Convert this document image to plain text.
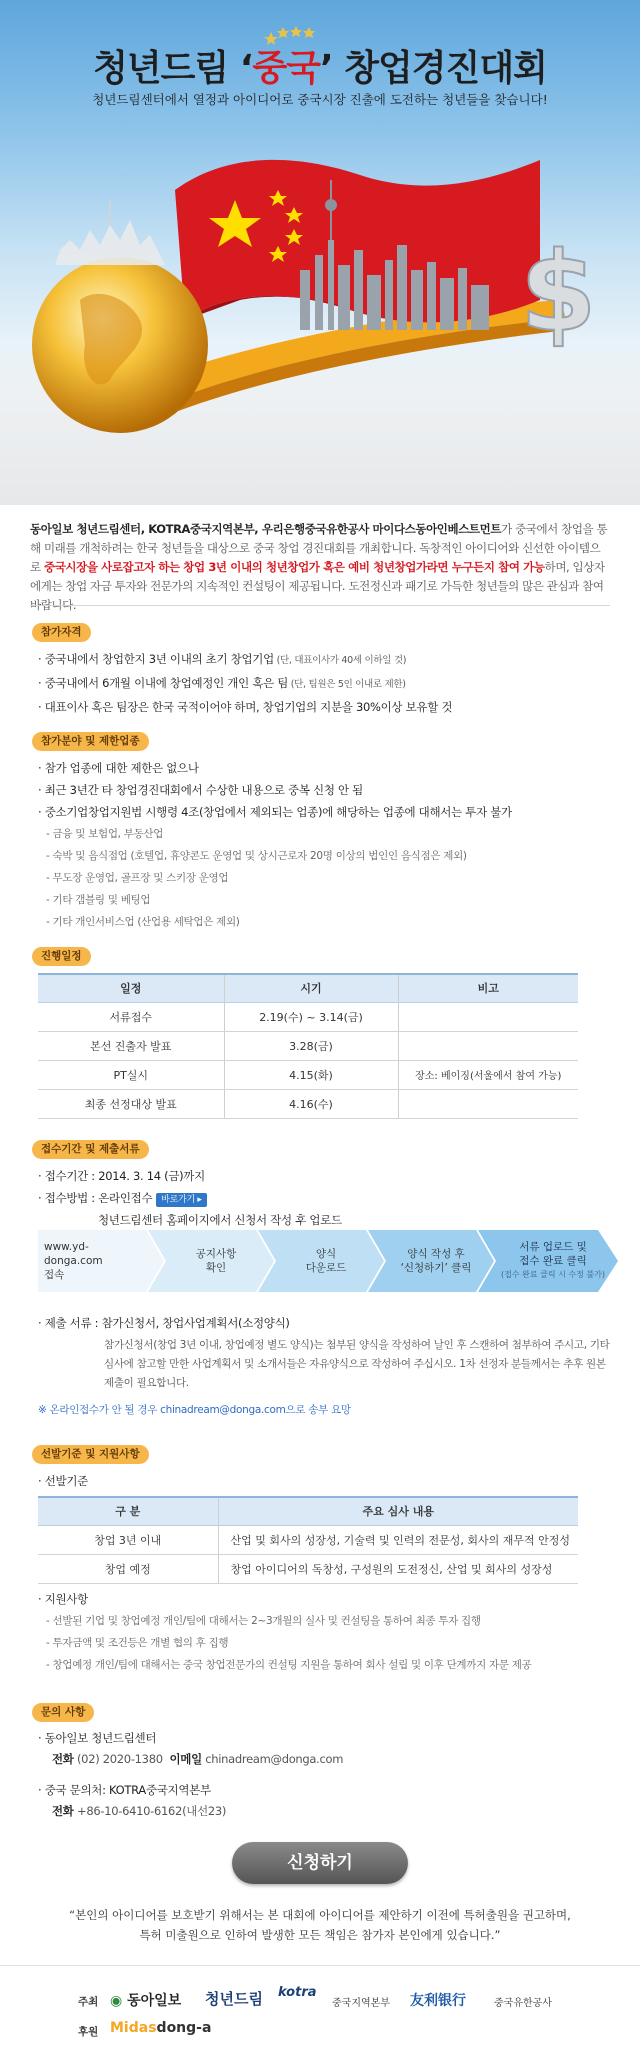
$
청년드림 ‘중국’ 창업경진대회
청년드림센터에서 열정과 아이디어로 중국시장 진출에 도전하는 청년들을 찾습니다!
동아일보 청년드림센터, KOTRA중국지역본부, 우리은행중국유한공사 마이다스동아인베스트먼트가 중국에서 창업을 통해 미래를 개척하려는 한국 청년들을 대상으로 중국 창업 경진대회를 개최합니다. 독창적인 아이디어와 신선한 아이템으로 중국시장을 사로잡고자 하는 창업 3년 이내의 청년창업가 혹은 예비 청년창업가라면 누구든지 참여 가능하며, 입상자에게는 창업 자금 투자와 전문가의 지속적인 컨설팅이 제공됩니다. 도전정신과 패기로 가득한 청년들의 많은 관심과 참여 바랍니다.
참가자격
· 중국내에서 창업한지 3년 이내의 초기 창업기업 (단, 대표이사가 40세 이하일 것)
· 중국내에서 6개월 이내에 창업예정인 개인 혹은 팀 (단, 팀원은 5인 이내로 제한)
· 대표이사 혹은 팀장은 한국 국적이어야 하며, 창업기업의 지분을 30%이상 보유할 것
참가분야 및 제한업종
· 참가 업종에 대한 제한은 없으나
· 최근 3년간 타 창업경진대회에서 수상한 내용으로 중복 신청 안 됨
· 중소기업창업지원법 시행령 4조(창업에서 제외되는 업종)에 해당하는 업종에 대해서는 투자 불가
- 금융 및 보험업, 부동산업
- 숙박 및 음식점업 (호텔업, 휴양콘도 운영업 및 상시근로자 20명 이상의 법인인 음식점은 제외)
- 무도장 운영업, 골프장 및 스키장 운영업
- 기타 갬블링 및 베팅업
- 기타 개인서비스업 (산업용 세탁업은 제외)
진행일정
일정	시기	비고
서류접수	2.19(수) ~ 3.14(금)	
본선 진출자 발표	3.28(금)	
PT실시	4.15(화)	장소: 베이징(서울에서 참여 가능)
최종 선정대상 발표	4.16(수)	
접수기간 및 제출서류
· 접수기간 : 2014. 3. 14 (금)까지
· 접수방법 : 온라인접수 바로가기 ▸
청년드림센터 홈페이지에서 신청서 작성 후 업로드
www.yd-donga.com
접속
공지사항
확인
양식
다운로드
양식 작성 후
‘신청하기’ 클릭
서류 업로드 및
접수 완료 클릭
(접수 완료 클릭 시 수정 불가)
· 제출 서류 : 참가신청서, 창업사업계획서(소정양식)
참가신청서(창업 3년 이내, 창업예정 별도 양식)는 첨부된 양식을 작성하여 날인 후 스캔하여 첨부하여 주시고, 기타 심사에 참고할 만한 사업계획서 및 소개서들은 자유양식으로 작성하여 주십시오. 1차 선정자 분들께서는 추후 원본 제출이 필요합니다.
※ 온라인접수가 안 될 경우 chinadream@donga.com으로 송부 요망
선발기준 및 지원사항
· 선발기준
구 분	주요 심사 내용
창업 3년 이내	산업 및 회사의 성장성, 기술력 및 인력의 전문성, 회사의 재무적 안정성
창업 예정	창업 아이디어의 독창성, 구성원의 도전정신, 산업 및 회사의 성장성
· 지원사항
- 선발된 기업 및 창업예정 개인/팀에 대해서는 2~3개월의 실사 및 컨설팅을 통하여 최종 투자 집행
- 투자금액 및 조건등은 개별 협의 후 집행
- 창업예정 개인/팀에 대해서는 중국 창업전문가의 컨설팅 지원을 통하여 회사 설립 및 이후 단계까지 자문 제공
문의 사항
· 동아일보 청년드림센터
전화 (02) 2020-1380 이메일 chinadream@donga.com
· 중국 문의처: KOTRA중국지역본부
전화 +86-10-6410-6162(내선23)
신청하기
“본인의 아이디어를 보호받기 위해서는 본 대회에 아이디어를 제안하기 이전에 특허출원을 권고하며,
특허 미출원으로 인하여 발생한 모든 책임은 참가자 본인에게 있습니다.”
주최 ◉ 동아일보 청년드림 kotra
중국지역본부 友利银行	중국유한공사
후원 Midasdong-a
